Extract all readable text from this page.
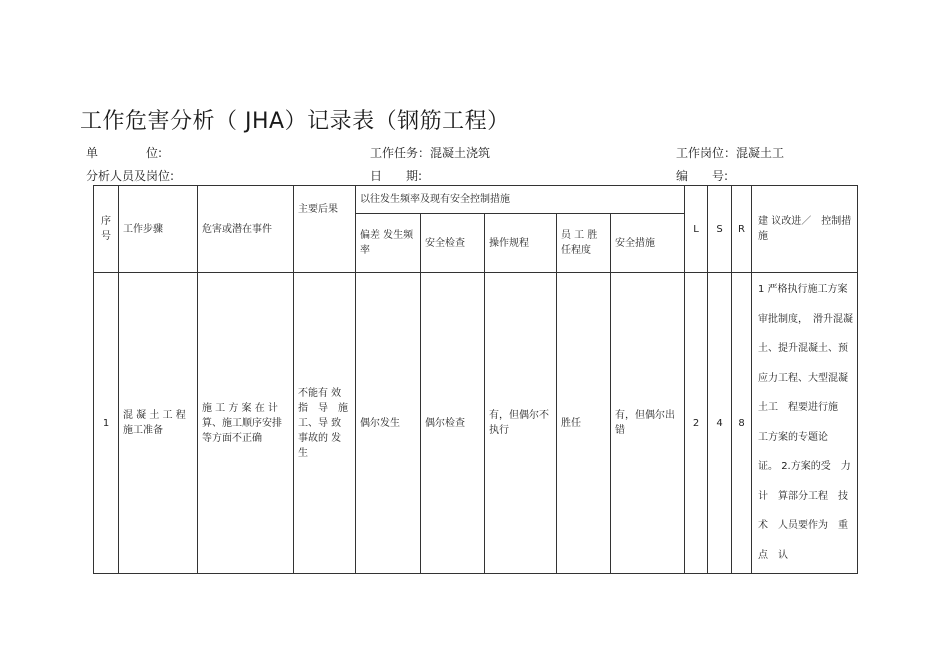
工作危害分析（ JHA）记录表（钢筋工程）
单　　　　位:	工作任务：混凝土浇筑	工作岗位：混凝土工
分析人员及岗位:	日　　期:	编　　号:
序号	工作步骤	危害或潜在事件	主要后果	以往发生频率及现有安全控制措施					L	S	R	建 议改进／　控制措施
				偏差 发生频率	安全检查	操作规程	员 工 胜任程度	安全措施				
1	混 凝 土 工 程施工准备	施 工 方 案 在 计算、施工顺序安排等方面不正确	不能有 效指　导　施工、导 致事故的 发生	偶尔发生	偶尔检查	有，但偶尔不执行	胜任	有，但偶尔出错	2	4	8	1 严格执行施工方案审批制度，　滑升混凝土、提升混凝土、预应力工程、大型混凝　土工　程要进行施　工方案的专题论　证。 2.方案的受　力计　算部分工程　技术　人员要作为　重点　认
